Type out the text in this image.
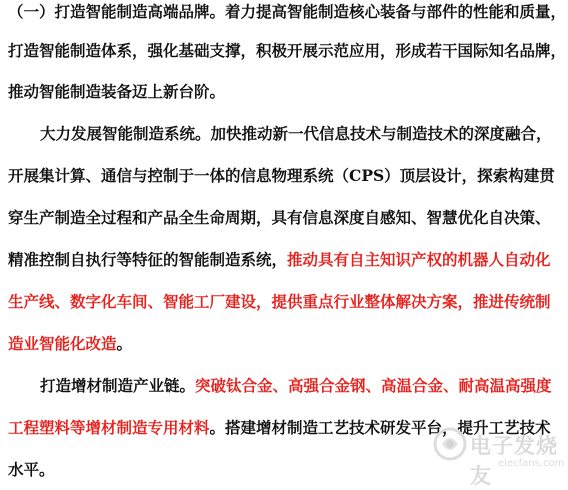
（一）打造智能制造高端品牌。着力提高智能制造核心装备与部件的性能和质量，
打造智能制造体系，强化基础支撑，积极开展示范应用，形成若干国际知名品牌，
推动智能制造装备迈上新台阶。
大力发展智能制造系统。加快推动新一代信息技术与制造技术的深度融合，
开展集计算、通信与控制于一体的信息物理系统（CPS）顶层设计，探索构建贯
穿生产制造全过程和产品全生命周期，具有信息深度自感知、智慧优化自决策、
精准控制自执行等特征的智能制造系统，推动具有自主知识产权的机器人自动化
生产线、数字化车间、智能工厂建设，提供重点行业整体解决方案，推进传统制
造业智能化改造。
打造增材制造产业链。突破钛合金、高强合金钢、高温合金、耐高温高强度
工程塑料等增材制造专用材料。搭建增材制造工艺技术研发平台，提升工艺技术
水平。
电子发烧友
elecfans.com
